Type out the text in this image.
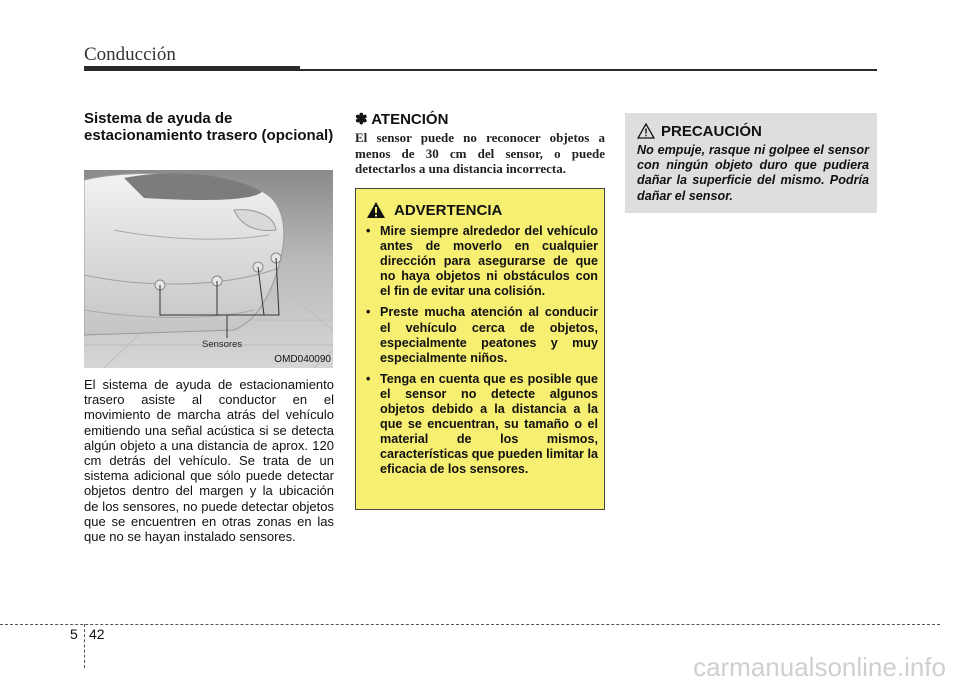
Conducción
Sistema de ayuda de estacionamiento trasero (opcional)
Sensores
OMD040090
El sistema de ayuda de estacionamiento trasero asiste al conductor en el movimiento de marcha atrás del vehículo emitiendo una señal acústica si se detecta algún objeto a una distancia de aprox. 120 cm detrás del vehículo. Se trata de un sistema adicional que sólo puede detectar objetos dentro del margen y la ubicación de los sensores, no puede detectar objetos que se encuentren en otras zonas en las que no se hayan instalado sensores.
✽ ATENCIÓN
El sensor puede no reconocer objetos a menos de 30 cm del sensor, o puede detectarlos a una distancia incorrecta.
ADVERTENCIA
• Mire siempre alrededor del vehículo antes de moverlo en cualquier dirección para asegurarse de que no haya objetos ni obstáculos con el fin de evitar una colisión.
• Preste mucha atención al conducir el vehículo cerca de objetos, especialmente peatones y muy especialmente niños.
• Tenga en cuenta que es posible que el sensor no detecte algunos objetos debido a la distancia a la que se encuentran, su tamaño o el material de los mismos, características que pueden limitar la eficacia de los sensores.
PRECAUCIÓN
No empuje, rasque ni golpee el sensor con ningún objeto duro que pudiera dañar la superficie del mismo. Podría dañar el sensor.
5 42
carmanualsonline.info
